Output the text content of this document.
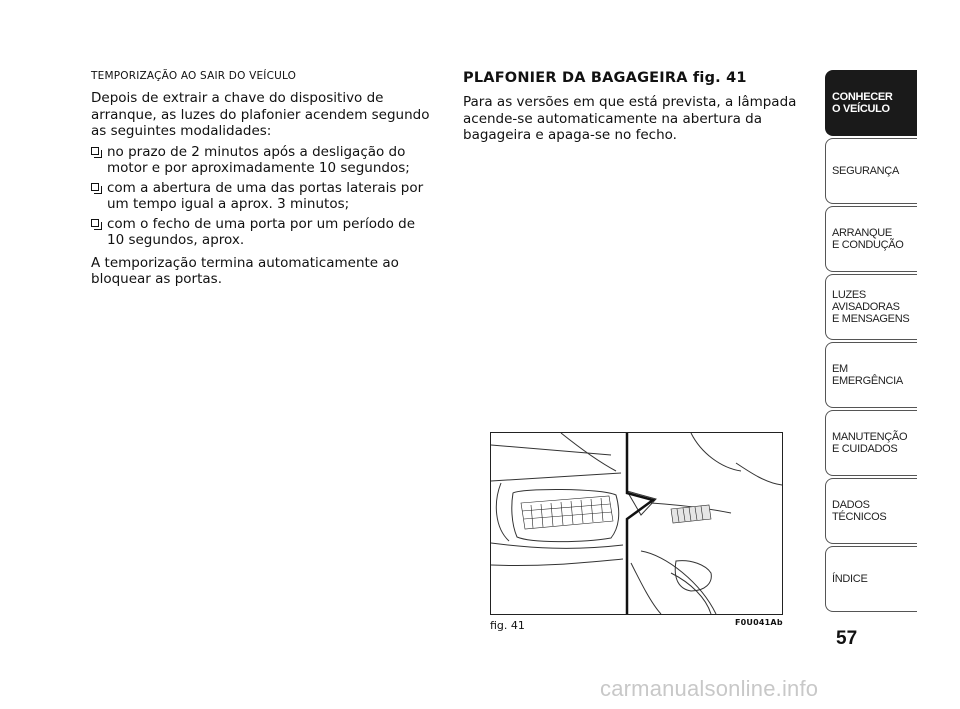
TEMPORIZAÇÃO AO SAIR DO VEÍCULO

Depois de extrair a chave do dispositivo de arranque, as luzes do plafonier acendem segundo as seguintes modalidades:

no prazo de 2 minutos após a desligação do motor e por aproximadamente 10 segundos;
com a abertura de uma das portas laterais por um tempo igual a aprox. 3 minutos;
com o fecho de uma porta por um período de 10 segundos, aprox.

A temporização termina automaticamente ao bloquear as portas.

PLAFONIER DA BAGAGEIRA fig. 41

Para as versões em que está prevista, a lâmpada acende-se automaticamente na abertura da bagageira e apaga-se no fecho.

fig. 41	F0U041Ab
CONHECER
O VEÍCULO
SEGURANÇA
ARRANQUE
E CONDUÇÃO
LUZES
AVISADORAS
E MENSAGENS
EM EMERGÊNCIA
MANUTENÇÃO
E CUIDADOS
DADOS
TÉCNICOS
ÍNDICE
57
carmanualsonline.info
